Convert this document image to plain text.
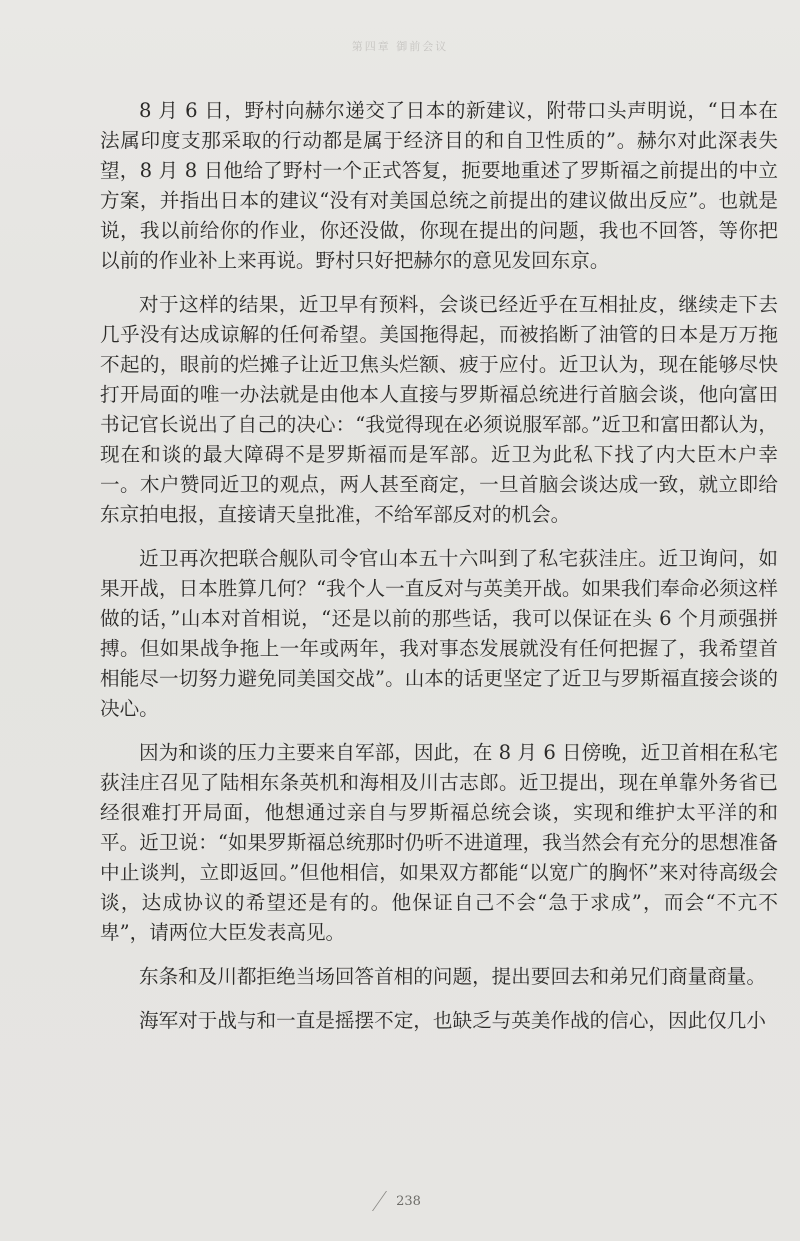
第四章 御前会议

8 月 6 日，野村向赫尔递交了日本的新建议，附带口头声明说，“日本在法属印度支那采取的行动都是属于经济目的和自卫性质的”。赫尔对此深表失望，8 月 8 日他给了野村一个正式答复，扼要地重述了罗斯福之前提出的中立方案，并指出日本的建议“没有对美国总统之前提出的建议做出反应”。也就是说，我以前给你的作业，你还没做，你现在提出的问题，我也不回答，等你把以前的作业补上来再说。野村只好把赫尔的意见发回东京。

对于这样的结果，近卫早有预料，会谈已经近乎在互相扯皮，继续走下去几乎没有达成谅解的任何希望。美国拖得起，而被掐断了油管的日本是万万拖不起的，眼前的烂摊子让近卫焦头烂额、疲于应付。近卫认为，现在能够尽快打开局面的唯一办法就是由他本人直接与罗斯福总统进行首脑会谈，他向富田书记官长说出了自己的决心：“我觉得现在必须说服军部。”近卫和富田都认为，现在和谈的最大障碍不是罗斯福而是军部。近卫为此私下找了内大臣木户幸一。木户赞同近卫的观点，两人甚至商定，一旦首脑会谈达成一致，就立即给东京拍电报，直接请天皇批准，不给军部反对的机会。

近卫再次把联合舰队司令官山本五十六叫到了私宅荻洼庄。近卫询问，如果开战，日本胜算几何？“我个人一直反对与英美开战。如果我们奉命必须这样做的话，”山本对首相说，“还是以前的那些话，我可以保证在头 6 个月顽强拼搏。但如果战争拖上一年或两年，我对事态发展就没有任何把握了，我希望首相能尽一切努力避免同美国交战”。山本的话更坚定了近卫与罗斯福直接会谈的决心。

因为和谈的压力主要来自军部，因此，在 8 月 6 日傍晚，近卫首相在私宅荻洼庄召见了陆相东条英机和海相及川古志郎。近卫提出，现在单靠外务省已经很难打开局面，他想通过亲自与罗斯福总统会谈，实现和维护太平洋的和平。近卫说：“如果罗斯福总统那时仍听不进道理，我当然会有充分的思想准备中止谈判，立即返回。”但他相信，如果双方都能“以宽广的胸怀”来对待高级会谈，达成协议的希望还是有的。他保证自己不会“急于求成”，而会“不亢不卑”，请两位大臣发表高见。

东条和及川都拒绝当场回答首相的问题，提出要回去和弟兄们商量商量。

海军对于战与和一直是摇摆不定，也缺乏与英美作战的信心，因此仅几小

238
